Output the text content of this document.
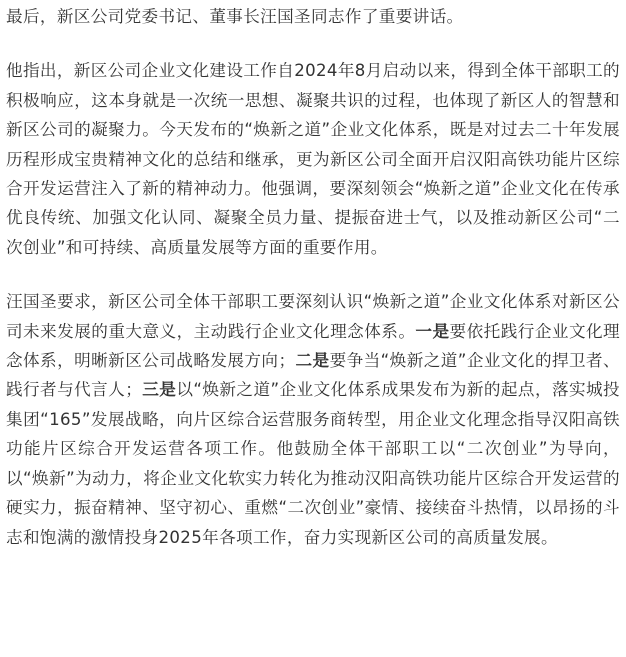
最后，新区公司党委书记、董事长汪国圣同志作了重要讲话。

他指出，新区公司企业文化建设工作自2024年8月启动以来，得到全体干部职工的积极响应，这本身就是一次统一思想、凝聚共识的过程，也体现了新区人的智慧和新区公司的凝聚力。今天发布的“焕新之道”企业文化体系，既是对过去二十年发展历程形成宝贵精神文化的总结和继承，更为新区公司全面开启汉阳高铁功能片区综合开发运营注入了新的精神动力。他强调，要深刻领会“焕新之道”企业文化在传承优良传统、加强文化认同、凝聚全员力量、提振奋进士气，以及推动新区公司“二次创业”和可持续、高质量发展等方面的重要作用。

汪国圣要求，新区公司全体干部职工要深刻认识“焕新之道”企业文化体系对新区公司未来发展的重大意义，主动践行企业文化理念体系。一是要依托践行企业文化理念体系，明晰新区公司战略发展方向；二是要争当“焕新之道”企业文化的捍卫者、践行者与代言人；三是以“焕新之道”企业文化体系成果发布为新的起点，落实城投集团“165”发展战略，向片区综合运营服务商转型，用企业文化理念指导汉阳高铁功能片区综合开发运营各项工作。他鼓励全体干部职工以“二次创业”为导向，以“焕新”为动力，将企业文化软实力转化为推动汉阳高铁功能片区综合开发运营的硬实力，振奋精神、坚守初心、重燃“二次创业”豪情、接续奋斗热情，以昂扬的斗志和饱满的激情投身2025年各项工作，奋力实现新区公司的高质量发展。
